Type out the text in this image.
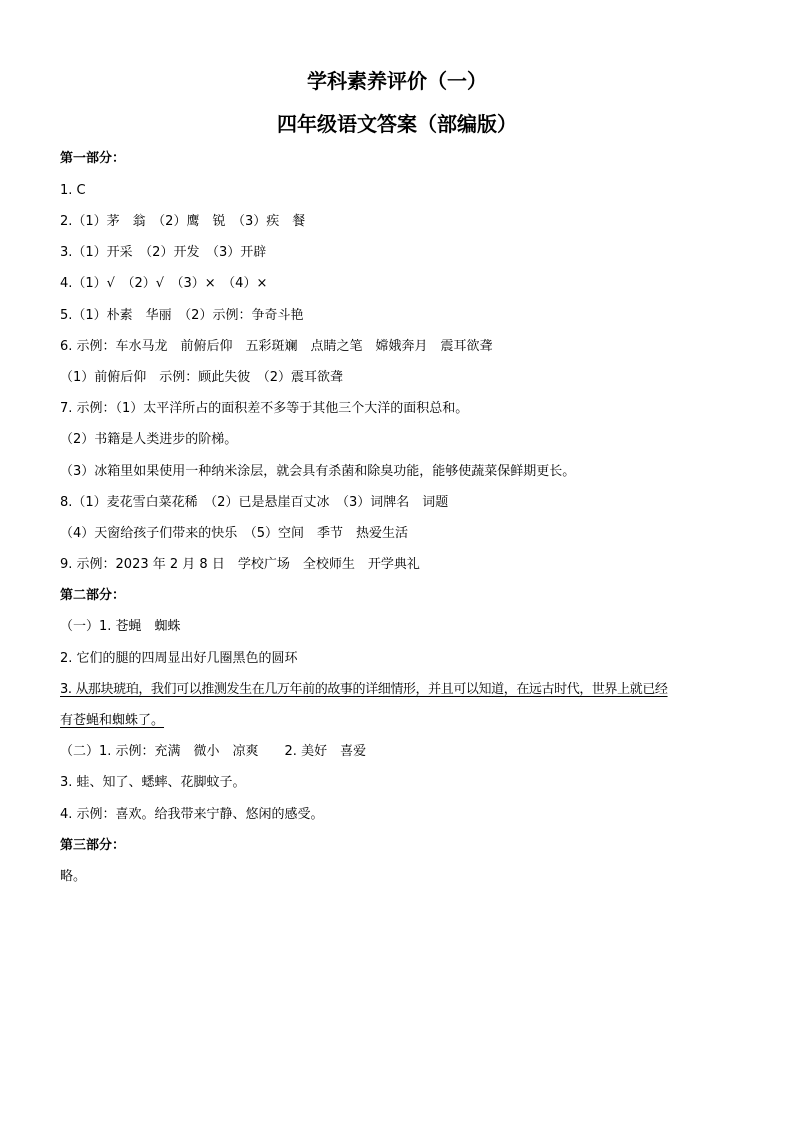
学科素养评价（一）
四年级语文答案（部编版）
第一部分：
1. C
2.（1）茅　翁　（2）鹰　锐　（3）疾　餐
3.（1）开采　（2）开发　（3）开辟
4.（1）√　（2）√　（3）×　（4）×
5.（1）朴素　华丽　（2）示例：争奇斗艳
6. 示例：车水马龙　前俯后仰　五彩斑斓　点睛之笔　嫦娥奔月　震耳欲聋
（1）前俯后仰　示例：顾此失彼　（2）震耳欲聋
7. 示例：（1）太平洋所占的面积差不多等于其他三个大洋的面积总和。
（2）书籍是人类进步的阶梯。
（3）冰箱里如果使用一种纳米涂层，就会具有杀菌和除臭功能，能够使蔬菜保鲜期更长。
8.（1）麦花雪白菜花稀　（2）已是悬崖百丈冰　（3）词牌名　词题
（4）天窗给孩子们带来的快乐　（5）空间　季节　热爱生活
9. 示例：2023 年 2 月 8 日　学校广场　全校师生　开学典礼
第二部分：
（一）1. 苍蝇　蜘蛛
2. 它们的腿的四周显出好几圈黑色的圆环
3. 从那块琥珀，我们可以推测发生在几万年前的故事的详细情形，并且可以知道，在远古时代，世界上就已经
有苍蝇和蜘蛛了。
（二）1. 示例：充满　微小　凉爽　　2. 美好　喜爱
3. 蛙、知了、蟋蟀、花脚蚊子。
4. 示例：喜欢。给我带来宁静、悠闲的感受。
第三部分：
略。
